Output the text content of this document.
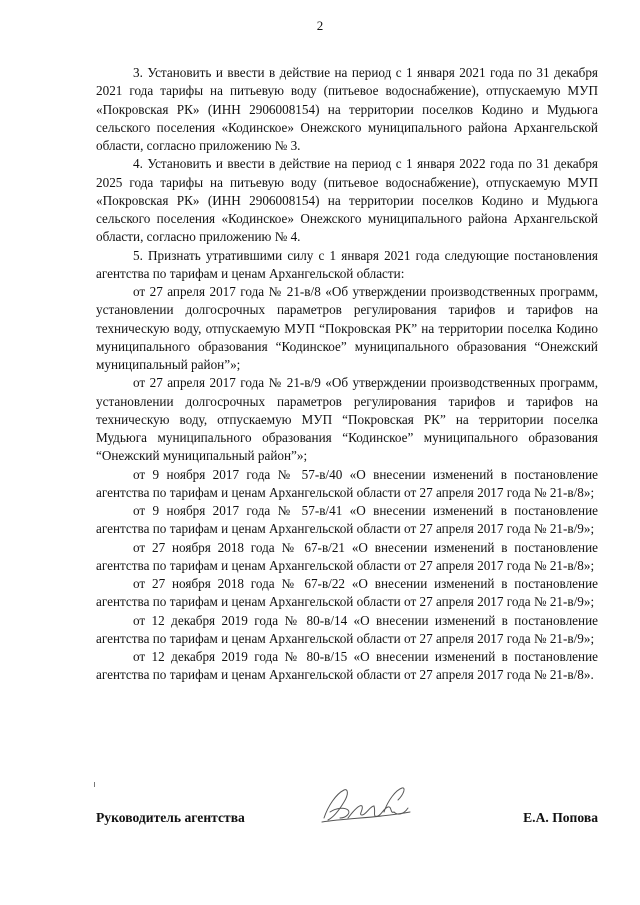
2

3. Установить и ввести в действие на период с 1 января 2021 года по 31 декабря 2021 года тарифы на питьевую воду (питьевое водоснабжение), отпускаемую МУП «Покровская РК» (ИНН 2906008154) на территории поселков Кодино и Мудьюга сельского поселения «Кодинское» Онежского муниципального района Архангельской области, согласно приложению № 3.

4. Установить и ввести в действие на период с 1 января 2022 года по 31 декабря 2025 года тарифы на питьевую воду (питьевое водоснабжение), отпускаемую МУП «Покровская РК» (ИНН 2906008154) на территории поселков Кодино и Мудьюга сельского поселения «Кодинское» Онежского муниципального района Архангельской области, согласно приложению № 4.

5. Признать утратившими силу с 1 января 2021 года следующие постановления агентства по тарифам и ценам Архангельской области:

от 27 апреля 2017 года № 21-в/8 «Об утверждении производственных программ, установлении долгосрочных параметров регулирования тарифов и тарифов на техническую воду, отпускаемую МУП “Покровская РК” на территории поселка Кодино муниципального образования “Кодинское” муниципального образования “Онежский муниципальный район”»;

от 27 апреля 2017 года № 21-в/9 «Об утверждении производственных программ, установлении долгосрочных параметров регулирования тарифов и тарифов на техническую воду, отпускаемую МУП “Покровская РК” на территории поселка Мудьюга муниципального образования “Кодинское” муниципального образования “Онежский муниципальный район”»;

от 9 ноября 2017 года № 57-в/40 «О внесении изменений в постановление агентства по тарифам и ценам Архангельской области от 27 апреля 2017 года № 21-в/8»;

от 9 ноября 2017 года № 57-в/41 «О внесении изменений в постановление агентства по тарифам и ценам Архангельской области от 27 апреля 2017 года № 21-в/9»;

от 27 ноября 2018 года № 67-в/21 «О внесении изменений в постановление агентства по тарифам и ценам Архангельской области от 27 апреля 2017 года № 21-в/8»;

от 27 ноября 2018 года № 67-в/22 «О внесении изменений в постановление агентства по тарифам и ценам Архангельской области от 27 апреля 2017 года № 21-в/9»;

от 12 декабря 2019 года № 80-в/14 «О внесении изменений в постановление агентства по тарифам и ценам Архангельской области от 27 апреля 2017 года № 21-в/9»;

от 12 декабря 2019 года № 80-в/15 «О внесении изменений в постановление агентства по тарифам и ценам Архангельской области от 27 апреля 2017 года № 21-в/8».

Руководитель агентства	Е.А. Попова
